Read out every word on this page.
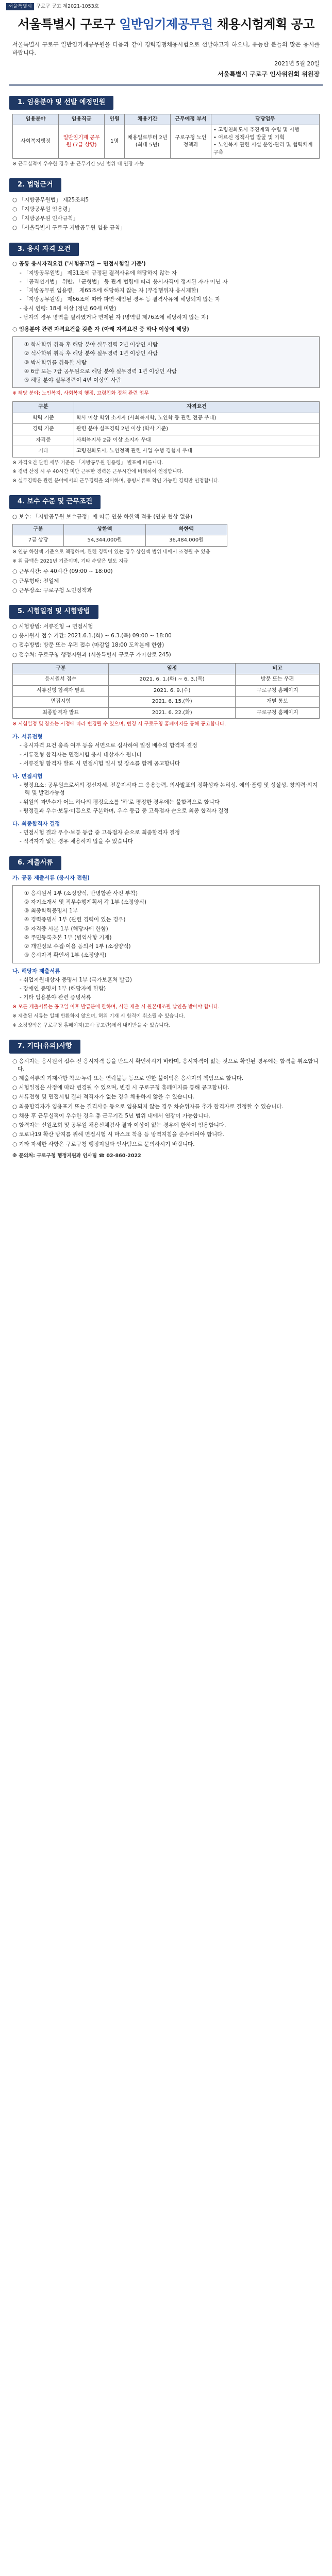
서울특별시 구로구 공고 제2021-1053호
서울특별시 구로구 일반임기제공무원 채용시험계획 공고
서울특별시 구로구 일반임기제공무원을 다음과 같이 경력경쟁채용시험으로 선발하고자 하오니, 유능한 분들의 많은 응시를 바랍니다.
2021년 5월 20일
서울특별시 구로구 인사위원회 위원장
1. 임용분야 및 선발 예정인원
임용분야	임용직급	인원	채용기간	근무예정 부서	담당업무
사회복지행정	일반임기제 공무원 (7급 상당)	1명	채용일로부터 2년 (최대 5년)	구로구청 노인정책과	• 고령친화도시 추진계획 수립 및 시행
• 어르신 정책사업 발굴 및 기획
• 노인복지 관련 시설 운영·관리 및 협력체계 구축
※ 근무실적이 우수한 경우 총 근무기간 5년 범위 내 연장 가능
2. 법령근거
○ 「지방공무원법」 제25조의5
○ 「지방공무원 임용령」
○ 「지방공무원 인사규칙」
○ 「서울특별시 구로구 지방공무원 임용 규칙」
3. 응시 자격 요건
○ 공통 응시자격요건 ('시험공고일 ~ 면접시험일 기준')
- 「지방공무원법」 제31조에 규정된 결격사유에 해당하지 않는 자
- 「공직선거법」 위반, 「군형법」 등 관계 법령에 따라 응시자격이 정지된 자가 아닌 자
- 「지방공무원 임용령」 제65조에 해당하지 않는 자 (부정행위자 응시제한)
- 「지방공무원법」 제66조에 따라 파면·해임된 경우 등 결격사유에 해당되지 않는 자
- 응시 연령: 18세 이상 (정년 60세 미만)
- 남자의 경우 병역을 필하였거나 면제된 자 (병역법 제76조에 해당하지 않는 자)
○ 임용분야 관련 자격요건을 갖춘 자 (아래 자격요건 중 하나 이상에 해당)
① 학사학위 취득 후 해당 분야 실무경력 2년 이상인 사람
② 석사학위 취득 후 해당 분야 실무경력 1년 이상인 사람
③ 박사학위를 취득한 사람
④ 6급 또는 7급 공무원으로 해당 분야 실무경력 1년 이상인 사람
⑤ 해당 분야 실무경력이 4년 이상인 사람
※ 해당 분야: 노인복지, 사회복지 행정, 고령친화 정책 관련 업무
구분	자격요건
학력 기준	학사 이상 학위 소지자 (사회복지학, 노인학 등 관련 전공 우대)
경력 기준	관련 분야 실무경력 2년 이상 (학사 기준)
자격증	사회복지사 2급 이상 소지자 우대
기타	고령친화도시, 노인정책 관련 사업 수행 경험자 우대
※ 자격요건 관련 세부 기준은 「지방공무원 임용령」 별표에 따릅니다.
※ 경력 산정 시 주 40시간 미만 근무한 경력은 근무시간에 비례하여 인정합니다.
※ 실무경력은 관련 분야에서의 근무경력을 의미하며, 증빙서류로 확인 가능한 경력만 인정합니다.
4. 보수 수준 및 근무조건
○ 보수: 「지방공무원 보수규정」에 따른 연봉 하한액 적용 (연봉 협상 없음)
구분	상한액	하한액
7급 상당	54,344,000원	36,484,000원
※ 연봉 하한액 기준으로 책정하며, 관련 경력이 있는 경우 상한액 범위 내에서 조정될 수 있음
※ 위 금액은 2021년 기준이며, 기타 수당은 별도 지급
○ 근무시간: 주 40시간 (09:00 ~ 18:00)
○ 근무형태: 전일제
○ 근무장소: 구로구청 노인정책과
5. 시험일정 및 시험방법
○ 시험방법: 서류전형 → 면접시험
○ 응시원서 접수 기간: 2021.6.1.(화) ~ 6.3.(목) 09:00 ~ 18:00
○ 접수방법: 방문 또는 우편 접수 (마감일 18:00 도착분에 한함)
○ 접수처: 구로구청 행정지원과 (서울특별시 구로구 가마산로 245)
구분	일정	비고
응시원서 접수	2021. 6. 1.(화) ~ 6. 3.(목)	방문 또는 우편
서류전형 합격자 발표	2021. 6. 9.(수)	구로구청 홈페이지
면접시험	2021. 6. 15.(화)	개별 통보
최종합격자 발표	2021. 6. 22.(화)	구로구청 홈페이지
※ 시험일정 및 장소는 사정에 따라 변경될 수 있으며, 변경 시 구로구청 홈페이지를 통해 공고합니다.
가. 서류전형
- 응시자격 요건 충족 여부 등을 서면으로 심사하여 일정 배수의 합격자 결정
- 서류전형 합격자는 면접시험 응시 대상자가 됩니다
- 서류전형 합격자 발표 시 면접시험 일시 및 장소를 함께 공고합니다
나. 면접시험
- 평정요소: 공무원으로서의 정신자세, 전문지식과 그 응용능력, 의사발표의 정확성과 논리성, 예의·품행 및 성실성, 창의력·의지력 및 발전가능성
- 위원의 과반수가 어느 하나의 평정요소를 '하'로 평정한 경우에는 불합격으로 합니다
- 평정결과 우수·보통·미흡으로 구분하며, 우수 등급 중 고득점자 순으로 최종 합격자 결정
다. 최종합격자 결정
- 면접시험 결과 우수·보통 등급 중 고득점자 순으로 최종합격자 결정
- 적격자가 없는 경우 채용하지 않을 수 있습니다
6. 제출서류
가. 공통 제출서류 (응시자 전원)
① 응시원서 1부 (소정양식, 반명함판 사진 부착)
② 자기소개서 및 직무수행계획서 각 1부 (소정양식)
③ 최종학력증명서 1부
④ 경력증명서 1부 (관련 경력이 있는 경우)
⑤ 자격증 사본 1부 (해당자에 한함)
⑥ 주민등록초본 1부 (병역사항 기재)
⑦ 개인정보 수집·이용 동의서 1부 (소정양식)
⑧ 응시자격 확인서 1부 (소정양식)
나. 해당자 제출서류
- 취업지원대상자 증명서 1부 (국가보훈처 발급)
- 장애인 증명서 1부 (해당자에 한함)
- 기타 임용분야 관련 증빙서류
※ 모든 제출서류는 공고일 이후 발급분에 한하며, 사본 제출 시 원본대조필 날인을 받아야 합니다.
※ 제출된 서류는 일체 반환하지 않으며, 허위 기재 시 합격이 취소될 수 있습니다.
※ 소정양식은 구로구청 홈페이지(고시·공고란)에서 내려받을 수 있습니다.
7. 기타(유의)사항
○ 응시자는 응시원서 접수 전 응시자격 등을 반드시 확인하시기 바라며, 응시자격이 없는 것으로 확인된 경우에는 합격을 취소합니다.
○ 제출서류의 기재사항 착오·누락 또는 연락불능 등으로 인한 불이익은 응시자의 책임으로 합니다.
○ 시험일정은 사정에 따라 변경될 수 있으며, 변경 시 구로구청 홈페이지를 통해 공고합니다.
○ 서류전형 및 면접시험 결과 적격자가 없는 경우 채용하지 않을 수 있습니다.
○ 최종합격자가 임용포기 또는 결격사유 등으로 임용되지 않는 경우 차순위자를 추가 합격자로 결정할 수 있습니다.
○ 채용 후 근무실적이 우수한 경우 총 근무기간 5년 범위 내에서 연장이 가능합니다.
○ 합격자는 신원조회 및 공무원 채용신체검사 결과 이상이 없는 경우에 한하여 임용합니다.
○ 코로나19 확산 방지를 위해 면접시험 시 마스크 착용 등 방역지침을 준수하여야 합니다.
○ 기타 자세한 사항은 구로구청 행정지원과 인사팀으로 문의하시기 바랍니다.
※ 문의처: 구로구청 행정지원과 인사팀 ☎ 02-860-2022
